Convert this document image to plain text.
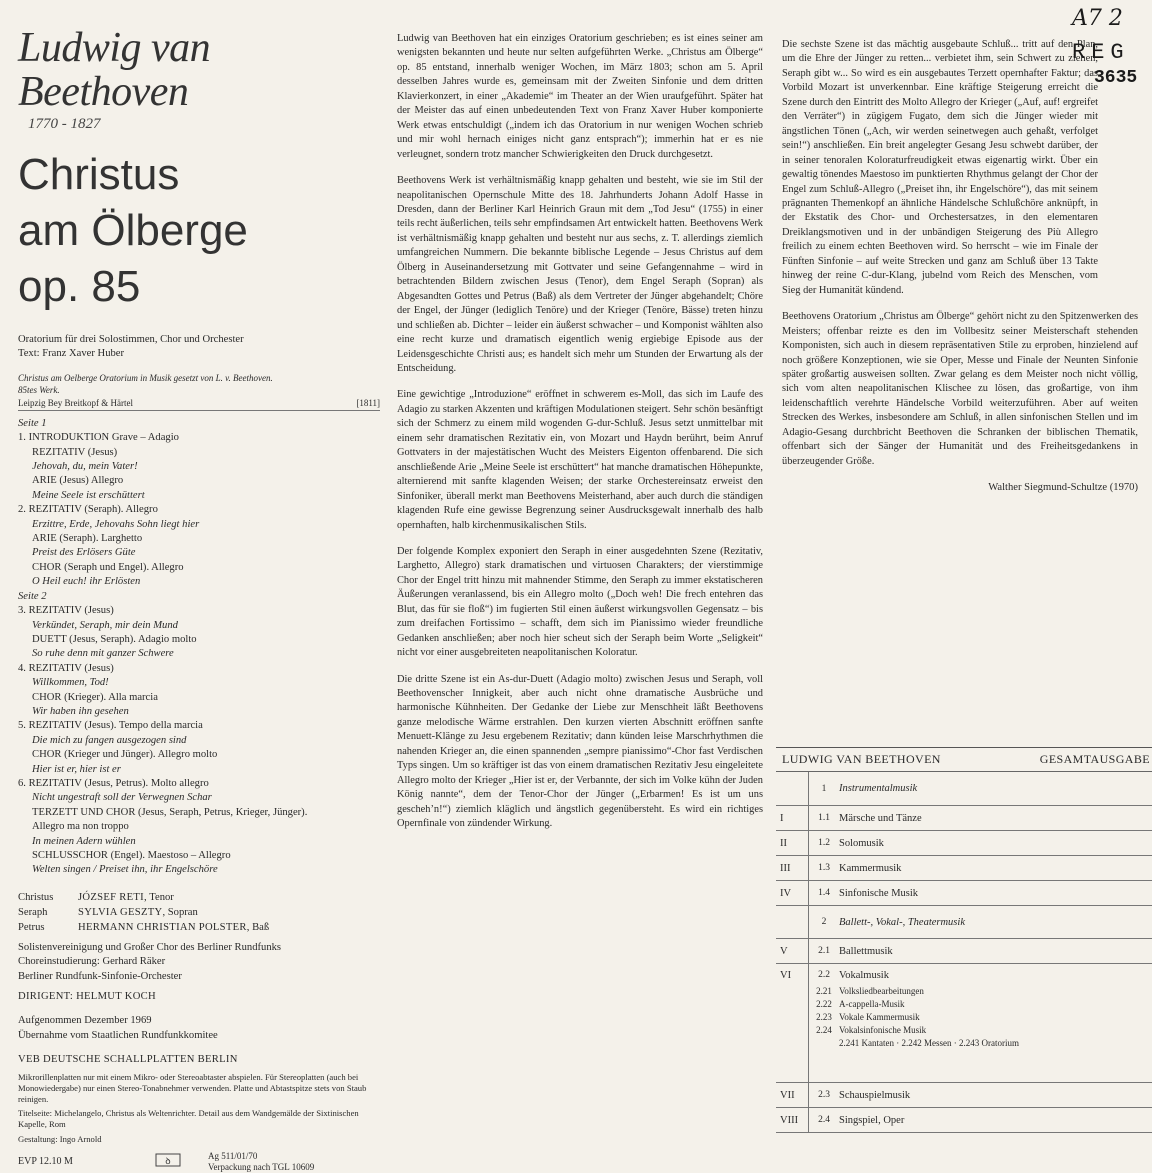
Ludwig van Beethoven
1770 - 1827
Christus
am Ölberge
op. 85
Oratorium für drei Solostimmen, Chor und Orchester
Text: Franz Xaver Huber
Christus am Oelberge Oratorium in Musik gesetzt von L. v. Beethoven.
85tes Werk.
Leipzig Bey Breitkopf & Härtel	[1811]
Seite 1
1. INTRODUKTION Grave – Adagio
REZITATIV (Jesus)
Jehovah, du, mein Vater!
ARIE (Jesus) Allegro
Meine Seele ist erschüttert
2. REZITATIV (Seraph). Allegro
Erzittre, Erde, Jehovahs Sohn liegt hier
ARIE (Seraph). Larghetto
Preist des Erlösers Güte
CHOR (Seraph und Engel). Allegro
O Heil euch! ihr Erlösten
Seite 2
3. REZITATIV (Jesus)
Verkündet, Seraph, mir dein Mund
DUETT (Jesus, Seraph). Adagio molto
So ruhe denn mit ganzer Schwere
4. REZITATIV (Jesus)
Willkommen, Tod!
CHOR (Krieger). Alla marcia
Wir haben ihn gesehen
5. REZITATIV (Jesus). Tempo della marcia
Die mich zu fangen ausgezogen sind
CHOR (Krieger und Jünger). Allegro molto
Hier ist er, hier ist er
6. REZITATIV (Jesus, Petrus). Molto allegro
Nicht ungestraft soll der Verwegnen Schar
TERZETT UND CHOR (Jesus, Seraph, Petrus, Krieger, Jünger).
Allegro ma non troppo
In meinen Adern wühlen
SCHLUSSCHOR (Engel). Maestoso – Allegro
Welten singen / Preiset ihn, ihr Engelschöre
Christus	JÓZSEF RETI , Tenor
Seraph	SYLVIA GESZTY , Sopran
Petrus	HERMANN CHRISTIAN POLSTER , Baß
Solistenvereinigung und Großer Chor des Berliner Rundfunks
Choreinstudierung: Gerhard Räker
Berliner Rundfunk-Sinfonie-Orchester
DIRIGENT: HELMUT KOCH
Aufgenommen Dezember 1969
Übernahme vom Staatlichen Rundfunkkomitee
VEB DEUTSCHE SCHALLPLATTEN BERLIN
Mikrorillenplatten nur mit einem Mikro- oder Stereoabtaster abspielen. Für Stereoplatten (auch bei Monowiedergabe) nur einen Stereo-Tonabnehmer verwenden. Platte und Abtastspitze stets von Staub reinigen.
Titelseite: Michelangelo, Christus als Weltenrichter. Detail aus dem Wandgemälde der Sixtinischen Kapelle, Rom
Gestaltung: Ingo Arnold
EVP 12.10 M	ꝺ
Ag 511/01/70
Verpackung nach TGL 10609

Ludwig van Beethoven hat ein einziges Oratorium geschrieben; es ist eines seiner am wenigsten bekannten und heute nur selten aufgeführten Werke. „Christus am Ölberge“ op. 85 entstand, innerhalb weniger Wochen, im März 1803; schon am 5. April desselben Jahres wurde es, gemeinsam mit der Zweiten Sinfonie und dem dritten Klavierkonzert, in einer „Akademie“ im Theater an der Wien uraufgeführt. Später hat der Meister das auf einen unbedeutenden Text von Franz Xaver Huber komponierte Werk etwas entschuldigt („indem ich das Oratorium in nur wenigen Wochen schrieb und mir wohl hernach einiges nicht ganz entsprach“); immerhin hat er es nie verleugnet, sondern trotz mancher Schwierigkeiten den Druck durchgesetzt.

Beethovens Werk ist verhältnismäßig knapp gehalten und besteht, wie sie im Stil der neapolitanischen Opernschule Mitte des 18. Jahrhunderts Johann Adolf Hasse in Dresden, dann der Berliner Karl Heinrich Graun mit dem „Tod Jesu“ (1755) in einer teils recht äußerlichen, teils sehr empfindsamen Art entwickelt hatten. Beethovens Werk ist verhältnismäßig knapp gehalten und besteht nur aus sechs, z. T. allerdings ziemlich umfangreichen Nummern. Die bekannte biblische Legende – Jesus Christus auf dem Ölberg in Auseinandersetzung mit Gottvater und seine Gefangennahme – wird in betrachtenden Bildern zwischen Jesus (Tenor), dem Engel Seraph (Sopran) als Abgesandten Gottes und Petrus (Baß) als dem Vertreter der Jünger abgehandelt; Chöre der Engel, der Jünger (lediglich Tenöre) und der Krieger (Tenöre, Bässe) treten hinzu und schließen ab. Dichter – leider ein äußerst schwacher – und Komponist wählten also eine recht kurze und dramatisch eigentlich wenig ergiebige Episode aus der Leidensgeschichte Christi aus; es handelt sich mehr um Stunden der Erwartung als der Entscheidung.

Eine gewichtige „Introduzione“ eröffnet in schwerem es-Moll, das sich im Laufe des Adagio zu starken Akzenten und kräftigen Modulationen steigert. Sehr schön besänftigt sich der Schmerz zu einem mild wogenden G-dur-Schluß. Jesus setzt unmittelbar mit einem sehr dramatischen Rezitativ ein, von Mozart und Haydn berührt, beim Anruf Gottvaters in der majestätischen Wucht des Meisters Eigenton offenbarend. Die sich anschließende Arie „Meine Seele ist erschüttert“ hat manche dramatischen Höhepunkte, alternierend mit sanfte klagenden Weisen; der starke Orchestereinsatz erweist den Sinfoniker, überall merkt man Beethovens Meisterhand, aber auch durch die ständigen klagenden Rufe eine gewisse Begrenzung seiner Ausdrucksgewalt innerhalb des halb opernhaften, halb kirchenmusikalischen Stils.

Der folgende Komplex exponiert den Seraph in einer ausgedehnten Szene (Rezitativ, Larghetto, Allegro) stark dramatischen und virtuosen Charakters; der vierstimmige Chor der Engel tritt hinzu mit mahnender Stimme, den Seraph zu immer ekstatischeren Äußerungen veranlassend, bis ein Allegro molto („Doch weh! Die frech entehren das Blut, das für sie floß“) im fugierten Stil einen äußerst wirkungsvollen Gegensatz – bis zum dreifachen Fortissimo – schafft, dem sich im Pianissimo wieder freundliche Gedanken anschließen; aber noch hier scheut sich der Seraph beim Worte „Seligkeit“ nicht vor einer ausgebreiteten neapolitanischen Koloratur.

Die dritte Szene ist ein As-dur-Duett (Adagio molto) zwischen Jesus und Seraph, voll Beethovenscher Innigkeit, aber auch nicht ohne dramatische Ausbrüche und harmonische Kühnheiten. Der Gedanke der Liebe zur Menschheit läßt Beethovens ganze melodische Wärme erstrahlen. Den kurzen vierten Abschnitt eröffnen sanfte Menuett-Klänge zu Jesu ergebenem Rezitativ; dann künden leise Marschrhythmen die nahenden Krieger an, die einen spannenden „sempre pianissimo“-Chor fast Verdischen Typs singen. Um so kräftiger ist das von einem dramatischen Rezitativ Jesu eingeleitete Allegro molto der Krieger „Hier ist er, der Verbannte, der sich im Volke kühn der Juden König nannte“, dem der Tenor-Chor der Jünger („Erbarmen! Es ist um uns gescheh’n!“) ziemlich kläglich und ängstlich gegenübersteht. Es wird ein richtiges Opernfinale von zündender Wirkung.

Die sechste Szene ist das mächtig ausgebaute Schluß... tritt auf den Plan, um die Ehre der Jünger zu retten... verbietet ihm, sein Schwert zu ziehen, Seraph gibt w... So wird es ein ausgebautes Terzett opernhafter Faktur; das Vorbild Mozart ist unverkennbar. Eine kräftige Steigerung erreicht die Szene durch den Eintritt des Molto Allegro der Krieger („Auf, auf! ergreifet den Verräter“) in zügigem Fugato, dem sich die Jünger wieder mit ängstlichen Tönen („Ach, wir werden seinetwegen auch gehaßt, verfolget sein!“) anschließen. Ein breit angelegter Gesang Jesu schwebt darüber, der in seiner tenoralen Koloraturfreudigkeit etwas eigenartig wirkt. Über ein gewaltig tönendes Maestoso im punktierten Rhythmus gelangt der Chor der Engel zum Schluß-Allegro („Preiset ihn, ihr Engelschöre“), das mit seinem prägnanten Themenkopf an ähnliche Händelsche Schlußchöre anknüpft, in der Ekstatik des Chor- und Orchestersatzes, in den elementaren Dreiklangsmotiven und in der unbändigen Steigerung des Più Allegro freilich zu einem echten Beethoven wird. So herrscht – wie im Finale der Fünften Sinfonie – auf weite Strecken und ganz am Schluß über 13 Takte hinweg der reine C-dur-Klang, jubelnd vom Reich des Menschen, vom Sieg der Humanität kündend.

Beethovens Oratorium „Christus am Ölberge“ gehört nicht zu den Spitzenwerken des Meisters; offenbar reizte es den im Vollbesitz seiner Meisterschaft stehenden Komponisten, sich auch in diesem repräsentativen Stile zu erproben, hinzielend auf noch größere Konzeptionen, wie sie Oper, Messe und Finale der Neunten Sinfonie später großartig ausweisen sollten. Zwar gelang es dem Meister noch nicht völlig, sich vom alten neapolitanischen Klischee zu lösen, das großartige, von ihm leidenschaftlich verehrte Händelsche Vorbild weiterzuführen. Aber auf weiten Strecken des Werkes, insbesondere am Schluß, in allen sinfonischen Stellen und im Adagio-Gesang durchbricht Beethoven die Schranken der biblischen Thematik, offenbart sich der Sänger der Humanität und des Freiheitsgedankens in überzeugender Größe.

Walther Siegmund-Schultze (1970)
A7 2
REG
3635
LUDWIG VAN BEETHOVEN	GESAMTAUSGABE
1	Instrumentalmusik
I	1.1 Märsche und Tänze
II	1.2 Solomusik
III	1.3 Kammermusik
IV	1.4 Sinfonische Musik
2	Ballett-, Vokal-, Theatermusik
V	2.1 Ballettmusik
VI	2.2 Vokalmusik
2.21 Volksliedbearbeitungen
2.22 A-cappella-Musik
2.23 Vokale Kammermusik
2.24 Vokalsinfonische Musik
2.241 Kantaten · 2.242 Messen · 2.243 Oratorium
VII	2.3 Schauspielmusik
VIII	2.4 Singspiel, Oper
